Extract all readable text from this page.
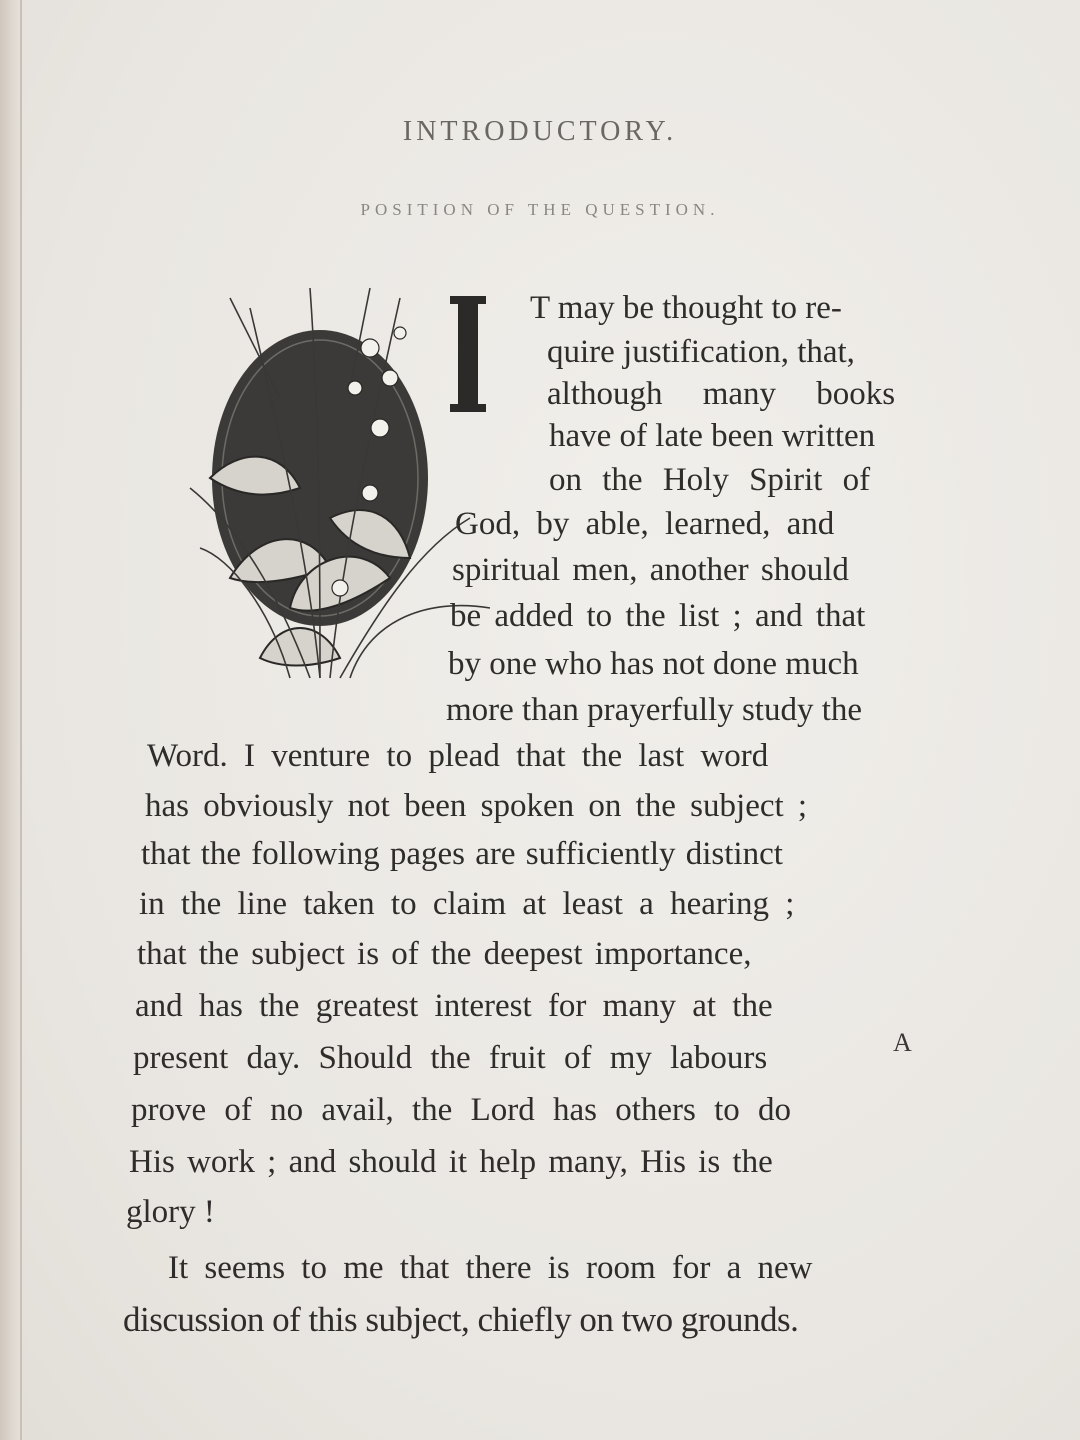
INTRODUCTORY.
POSITION OF THE QUESTION.
T may be thought to re-
quire justification, that,
although many books
have of late been written
on the Holy Spirit of
God, by able, learned, and
spiritual men, another should
be added to the list ; and that
by one who has not done much
more than prayerfully study the
Word. I venture to plead that the last word
has obviously not been spoken on the subject ;
that the following pages are sufficiently distinct
in the line taken to claim at least a hearing ;
that the subject is of the deepest importance,
and has the greatest interest for many at the
present day. Should the fruit of my labours
prove of no avail, the Lord has others to do
His work ; and should it help many, His is the
glory !
It seems to me that there is room for a new
discussion of this subject, chiefly on two grounds.
A
